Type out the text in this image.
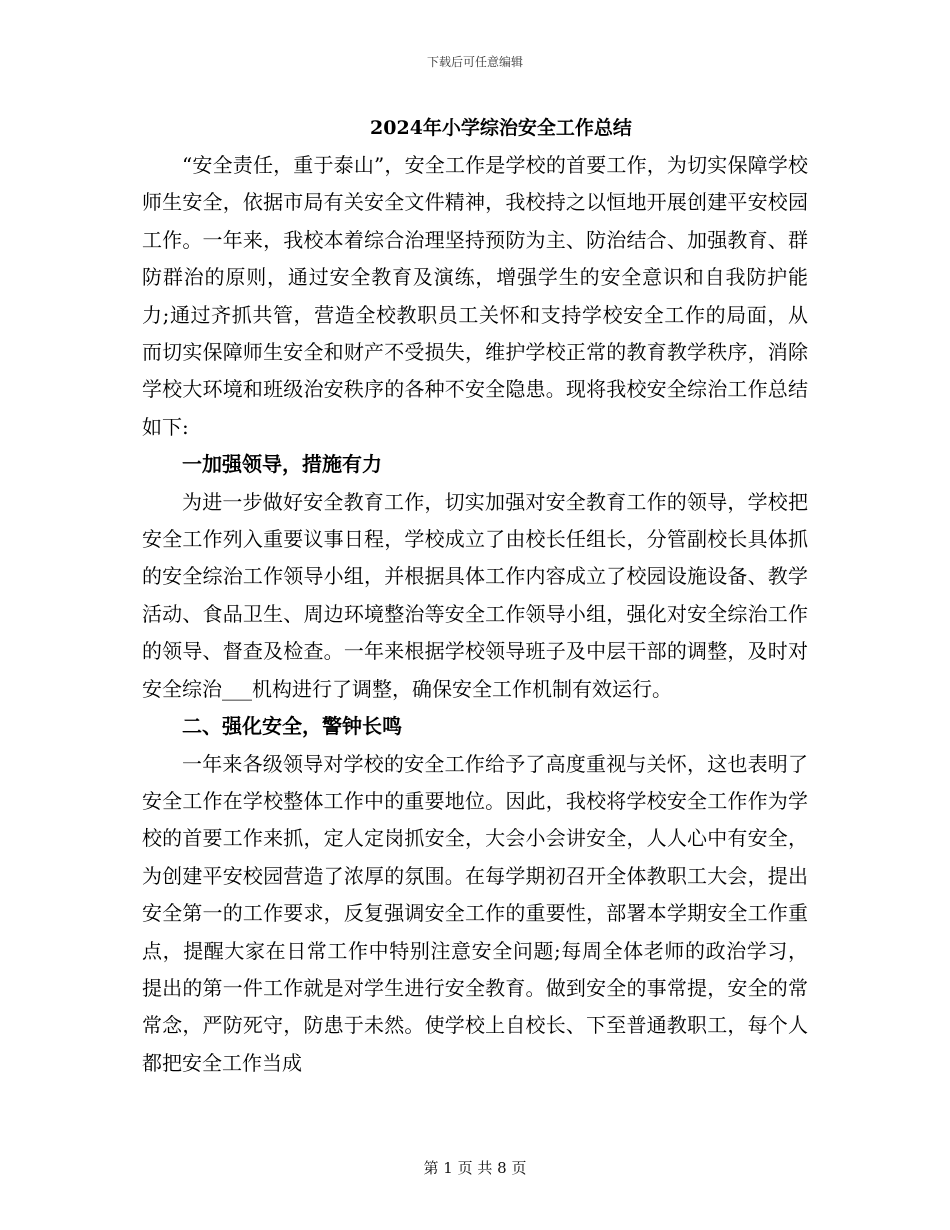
下载后可任意编辑
2024年小学综治安全工作总结

“安全责任，重于泰山”，安全工作是学校的首要工作，为切实保障学校师生安全，依据市局有关安全文件精神，我校持之以恒地开展创建平安校园工作。一年来，我校本着综合治理坚持预防为主、防治结合、加强教育、群防群治的原则，通过安全教育及演练，增强学生的安全意识和自我防护能力;通过齐抓共管，营造全校教职员工关怀和支持学校安全工作的局面，从而切实保障师生安全和财产不受损失，维护学校正常的教育教学秩序，消除学校大环境和班级治安秩序的各种不安全隐患。现将我校安全综治工作总结如下:

一加强领导，措施有力

为进一步做好安全教育工作，切实加强对安全教育工作的领导，学校把安全工作列入重要议事日程，学校成立了由校长任组长，分管副校长具体抓的安全综治工作领导小组，并根据具体工作内容成立了校园设施设备、教学活动、食品卫生、周边环境整治等安全工作领导小组，强化对安全综治工作的领导、督查及检查。一年来根据学校领导班子及中层干部的调整，及时对安全综治___机构进行了调整，确保安全工作机制有效运行。

二、强化安全，警钟长鸣

一年来各级领导对学校的安全工作给予了高度重视与关怀，这也表明了安全工作在学校整体工作中的重要地位。因此，我校将学校安全工作作为学校的首要工作来抓，定人定岗抓安全，大会小会讲安全，人人心中有安全，为创建平安校园营造了浓厚的氛围。在每学期初召开全体教职工大会，提出安全第一的工作要求，反复强调安全工作的重要性，部署本学期安全工作重点，提醒大家在日常工作中特别注意安全问题;每周全体老师的政治学习，提出的第一件工作就是对学生进行安全教育。做到安全的事常提，安全的常常念，严防死守，防患于未然。使学校上自校长、下至普通教职工，每个人都把安全工作当成

第 1 页 共 8 页
